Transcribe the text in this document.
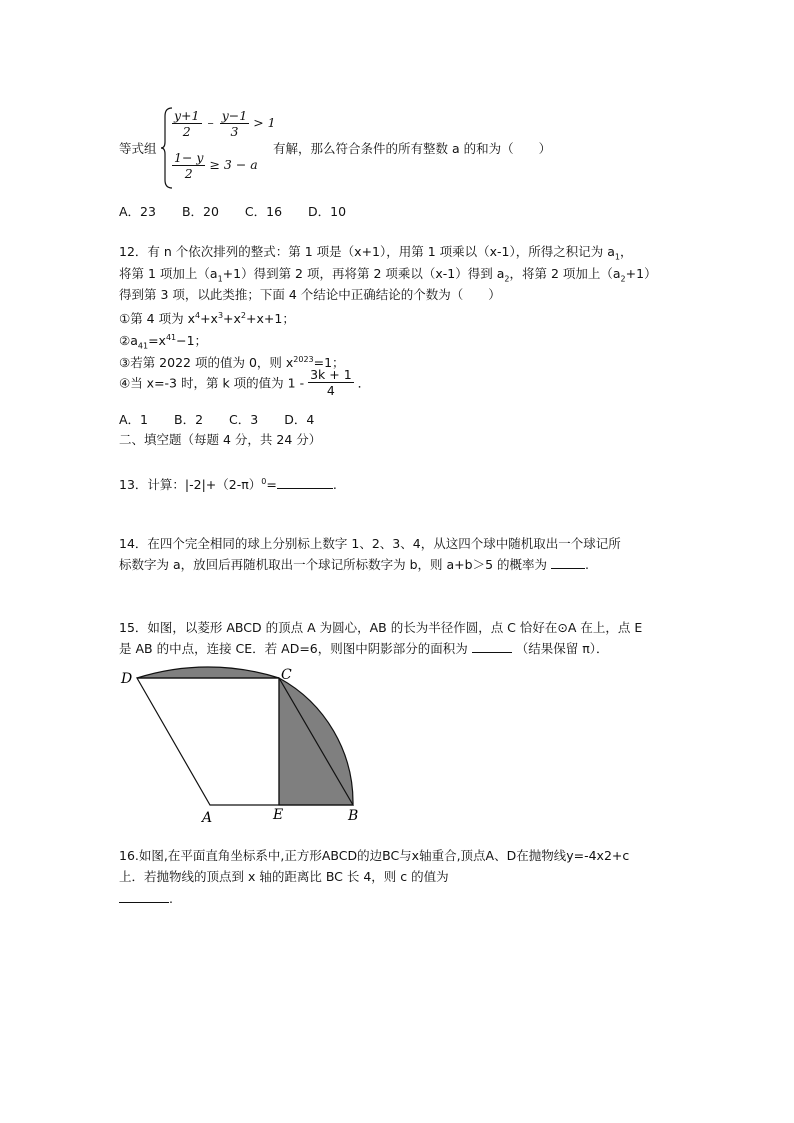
等式组
$\frac{y+1}{2} - \frac{y-1}{3} > 1$
$\frac{1- y}{2} \ge 3 - a$
有解，那么符合条件的所有整数 a 的和为（　　）
A．23 B．20 C．16 D．10
12．有 n 个依次排列的整式：第 1 项是（x+1），用第 1 项乘以（x-1），所得之积记为 $a_1$，
将第 1 项加上$(a_1+1)$得到第 2 项，再将第 2 项乘以（x-1）得到 $a_2$，将第 2 项加上$(a_2+1)$
得到第 3 项，以此类推；下面 4 个结论中正确结论的个数为（　　）
①第 4 项为 $x^4+x^3+x^2+x+1$；
$②a_{41}=x^{41}-1$；
③若第 2022 项的值为 0，则 $x^{2023}=1$；
④当 x=-3 时，第 k 项的值为 $1 - \frac{3k + 1}{4}$ ．
A．1 B．2 C．3 D．4
二、填空题（每题 4 分，共 24 分）
13．计算：$|-2|+(2-\pi)^0=$	.
14．在四个完全相同的球上分别标上数字 1、2、3、4，从这四个球中随机取出一个球记所
标数字为 a，放回后再随机取出一个球记所标数字为 b，则 a+b＞5 的概率为	.
15．如图，以菱形 ABCD 的顶点 A 为圆心，AB 的长为半径作圆，点 C 恰好在⊙A 在上，点 E
是 AB 的中点，连接 CE．若 AD=6，则图中阴影部分的面积为	（结果保留 π）．
D	C
A	E	B
16.如图,在平面直角坐标系中,正方形ABCD的边BC与x轴重合,顶点A、D在抛物线y=-4x2+c
上．若抛物线的顶点到 x 轴的距离比 BC 长 4，则 c 的值为
.
